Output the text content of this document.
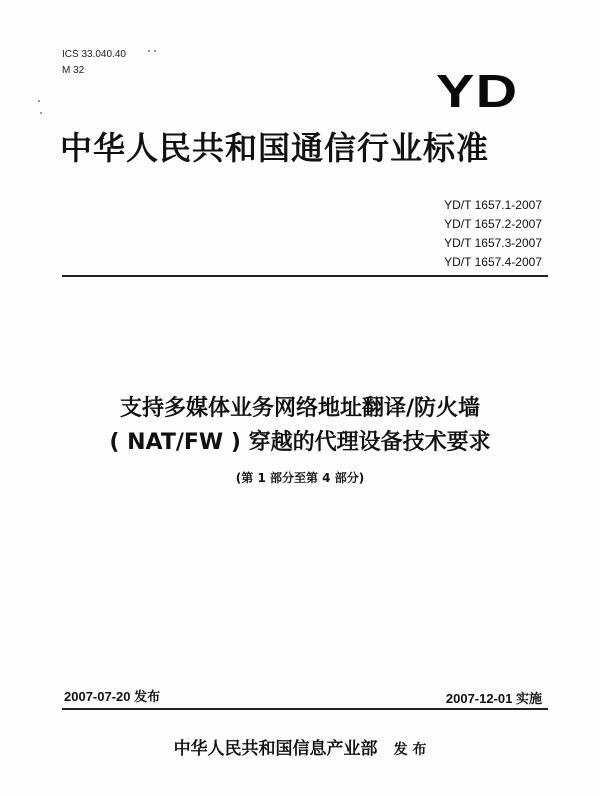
ICS 33.040.40
M 32	YD
中华人民共和国通信行业标准
YD/T 1657.1-2007
YD/T 1657.2-2007
YD/T 1657.3-2007
YD/T 1657.4-2007
支持多媒体业务网络地址翻译/防火墙
( NAT/FW ) 穿越的代理设备技术要求
(第 1 部分至第 4 部分)
2007-07-20 发布	2007-12-01 实施
中华人民共和国信息产业部 发 布
